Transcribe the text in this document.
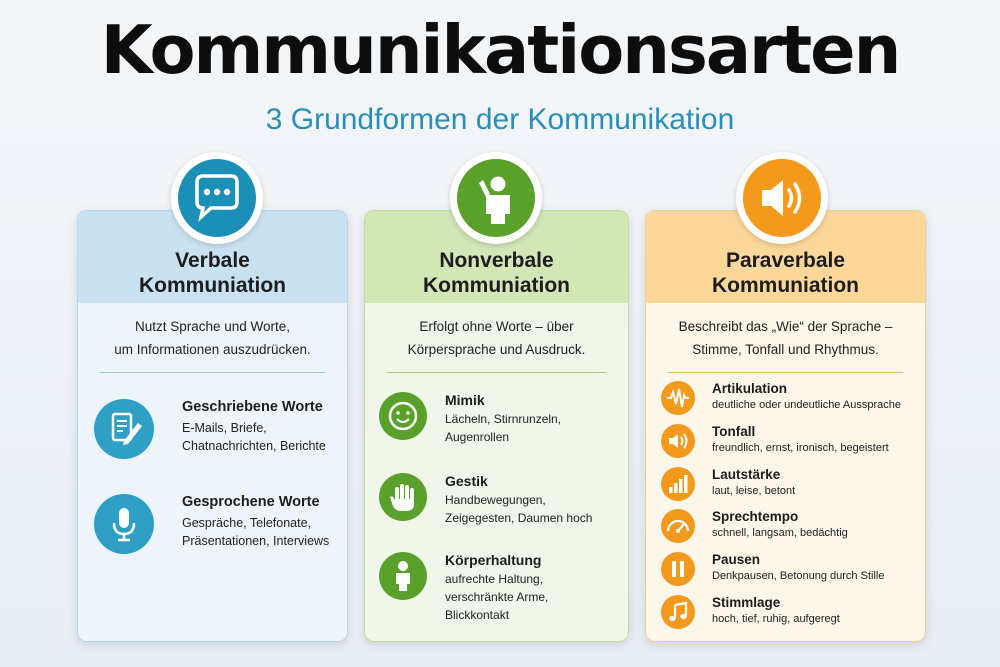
Kommunikationsarten
3 Grundformen der Kommunikation
Verbale
Kommuniation
Nutzt Sprache und Worte,
um Informationen auszudrücken.
Geschriebene Worte
E-Mails, Briefe,
Chatnachrichten, Berichte
Gesprochene Worte
Gespräche, Telefonate,
Präsentationen, Interviews
Nonverbale
Kommuniation
Erfolgt ohne Worte – über
Körpersprache und Ausdruck.
Mimik
Lächeln, Stirnrunzeln,
Augenrollen
Gestik
Handbewegungen,
Zeigegesten, Daumen hoch
Körperhaltung
aufrechte Haltung,
verschränkte Arme,
Blickkontakt
Paraverbale
Kommuniation
Beschreibt das „Wie“ der Sprache –
Stimme, Tonfall und Rhythmus.
Artikulation
deutliche oder undeutliche Aussprache
Tonfall
freundlich, ernst, ironisch, begeistert
Lautstärke
laut, leise, betont
Sprechtempo
schnell, langsam, bedächtig
Pausen
Denkpausen, Betonung durch Stille
Stimmlage
hoch, tief, ruhig, aufgeregt
